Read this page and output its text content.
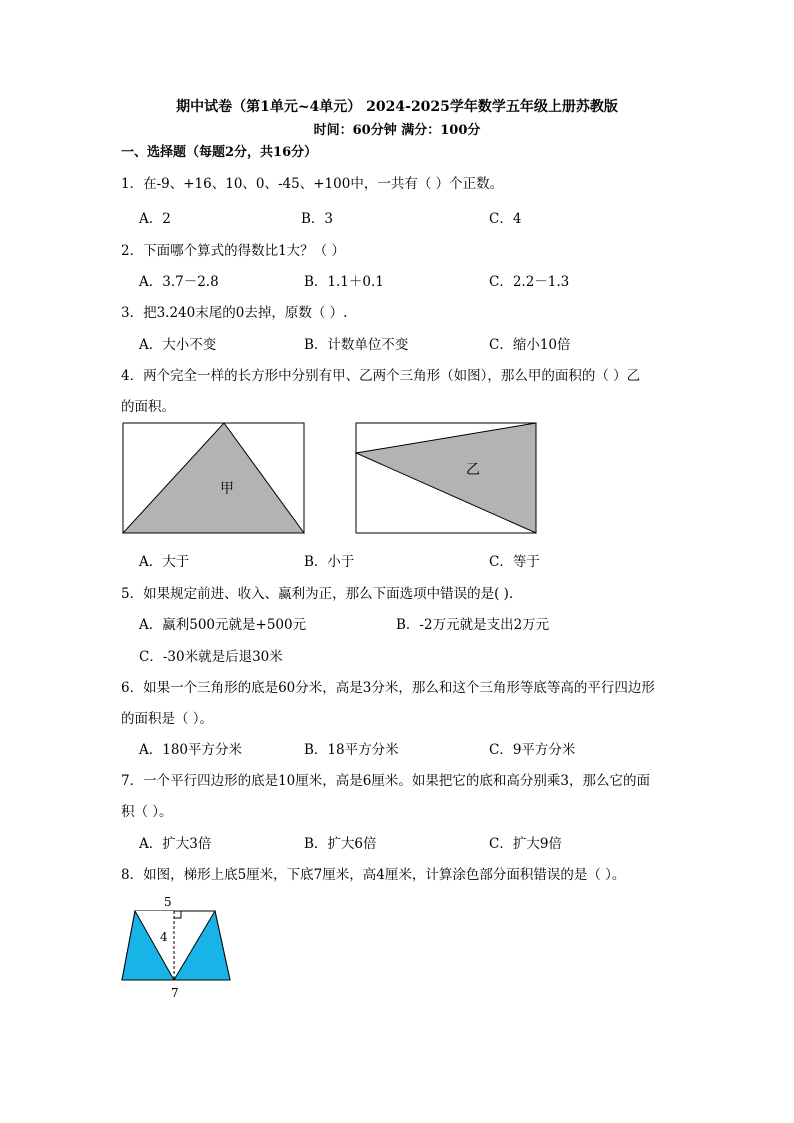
期中试卷（第1单元~4单元） 2024-2025学年数学五年级上册苏教版
时间：60分钟 满分：100分
一、选择题（每题2分，共16分）
1．在-9、+16、10、0、-45、+100中，一共有（ ）个正数。
A．2	B．3	C．4
2．下面哪个算式的得数比1大？（ ）
A．3.7－2.8	B．1.1＋0.1	C．2.2－1.3
3．把3.240末尾的0去掉，原数（ ）.
A．大小不变	B．计数单位不变	C．缩小10倍
4．两个完全一样的长方形中分别有甲、乙两个三角形（如图），那么甲的面积的（ ）乙
的面积。
甲
乙
A．大于	B．小于	C．等于
5．如果规定前进、收入、赢利为正，那么下面选项中错误的是( ).
A．赢利500元就是+500元	B．-2万元就是支出2万元
C．-30米就是后退30米
6．如果一个三角形的底是60分米，高是3分米，那么和这个三角形等底等高的平行四边形
的面积是（ ）。
A．180平方分米	B．18平方分米	C．9平方分米
7．一个平行四边形的底是10厘米，高是6厘米。如果把它的底和高分别乘3，那么它的面
积（ ）。
A．扩大3倍	B．扩大6倍	C．扩大9倍
8．如图，梯形上底5厘米，下底7厘米，高4厘米，计算涂色部分面积错误的是（ ）。
5
4
7
